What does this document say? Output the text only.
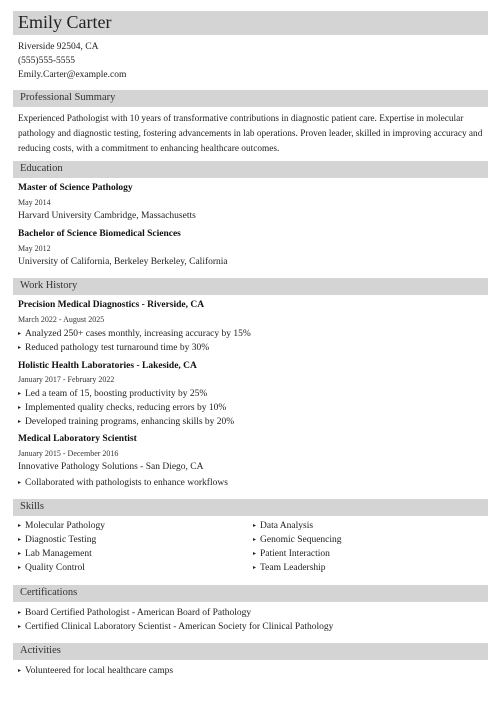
Emily Carter
Riverside 92504, CA
(555)555-5555
Emily.Carter@example.com
Professional Summary
Experienced Pathologist with 10 years of transformative contributions in diagnostic patient care. Expertise in molecular pathology and diagnostic testing, fostering advancements in lab operations. Proven leader, skilled in improving accuracy and reducing costs, with a commitment to enhancing healthcare outcomes.
Education
Master of Science Pathology
May 2014
Harvard University Cambridge, Massachusetts
Bachelor of Science Biomedical Sciences
May 2012
University of California, Berkeley Berkeley, California
Work History
Precision Medical Diagnostics - Riverside, CA
March 2022 - August 2025
▸ Analyzed 250+ cases monthly, increasing accuracy by 15%
▸ Reduced pathology test turnaround time by 30%
Holistic Health Laboratories - Lakeside, CA
January 2017 - February 2022
▸ Led a team of 15, boosting productivity by 25%
▸ Implemented quality checks, reducing errors by 10%
▸ Developed training programs, enhancing skills by 20%
Medical Laboratory Scientist
January 2015 - December 2016
Innovative Pathology Solutions - San Diego, CA
▸ Collaborated with pathologists to enhance workflows
Skills
▸ Molecular Pathology
▸ Diagnostic Testing
▸ Lab Management
▸ Quality Control
▸ Data Analysis
▸ Genomic Sequencing
▸ Patient Interaction
▸ Team Leadership
Certifications
▸ Board Certified Pathologist - American Board of Pathology
▸ Certified Clinical Laboratory Scientist - American Society for Clinical Pathology
Activities
▸ Volunteered for local healthcare camps
